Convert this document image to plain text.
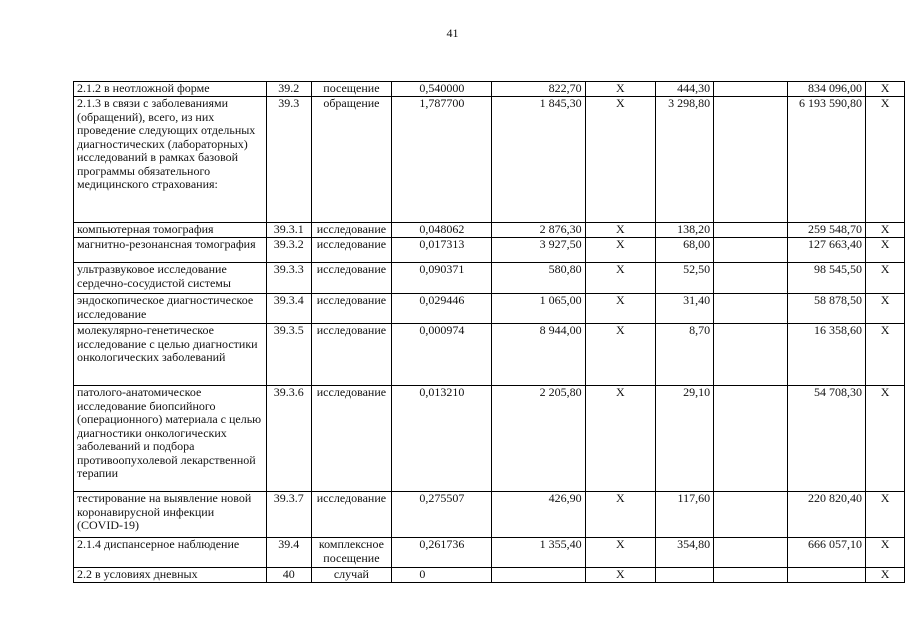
41
2.1.2 в неотложной форме	39.2	посещение	0,540000	822,70	Х	444,30		834 096,00	Х
2.1.3 в связи с заболеваниями (обращений), всего, из них проведение следующих отдельных диагностических (лабораторных) исследований в рамках базовой программы обязательного медицинского страхования:	39.3	обращение	1,787700	1 845,30	Х	3 298,80		6 193 590,80	Х
компьютерная томография	39.3.1	исследование	0,048062	2 876,30	Х	138,20		259 548,70	Х
магнитно-резонансная томография	39.3.2	исследование	0,017313	3 927,50	Х	68,00		127 663,40	Х
ультразвуковое исследование сердечно-сосудистой системы	39.3.3	исследование	0,090371	580,80	Х	52,50		98 545,50	Х
эндоскопическое диагностическое исследование	39.3.4	исследование	0,029446	1 065,00	Х	31,40		58 878,50	Х
молекулярно-генетическое исследование с целью диагностики онкологических заболеваний	39.3.5	исследование	0,000974	8 944,00	Х	8,70		16 358,60	Х
патолого-анатомическое исследование биопсийного (операционного) материала с целью диагностики онкологических заболеваний и подбора противоопухолевой лекарственной терапии	39.3.6	исследование	0,013210	2 205,80	Х	29,10		54 708,30	Х
тестирование на выявление новой коронавирусной инфекции (COVID-19)	39.3.7	исследование	0,275507	426,90	Х	117,60		220 820,40	Х
2.1.4 диспансерное наблюдение	39.4	комплексное посещение	0,261736	1 355,40	Х	354,80		666 057,10	Х
2.2 в условиях дневных	40	случай	0		Х				Х
